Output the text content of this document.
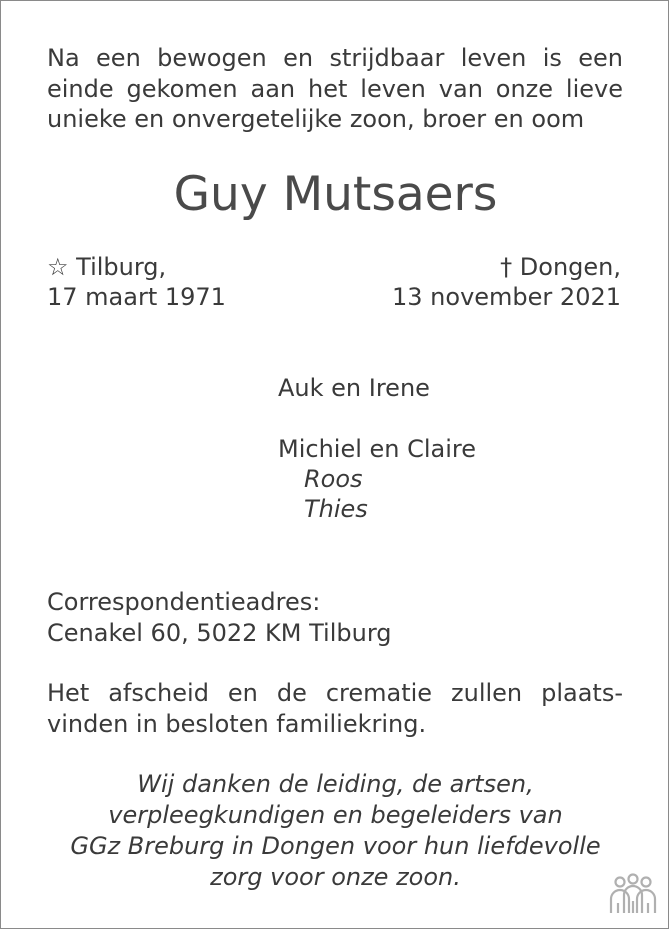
Na een bewogen en strijdbaar leven is een einde gekomen aan het leven van onze lieve
unieke en onvergetelijke zoon, broer en oom

Guy Mutsaers
☆ Tilburg,
17 maart 1971
† Dongen,
13 november 2021
Auk en Irene
Michiel en Claire
Roos
Thies
Correspondentieadres:
Cenakel 60, 5022 KM Tilburg
Het afscheid en de crematie zullen plaats-
vinden in besloten familiekring.
Wij danken de leiding, de artsen,
verpleegkundigen en begeleiders van
GGz Breburg in Dongen voor hun liefdevolle
zorg voor onze zoon.
